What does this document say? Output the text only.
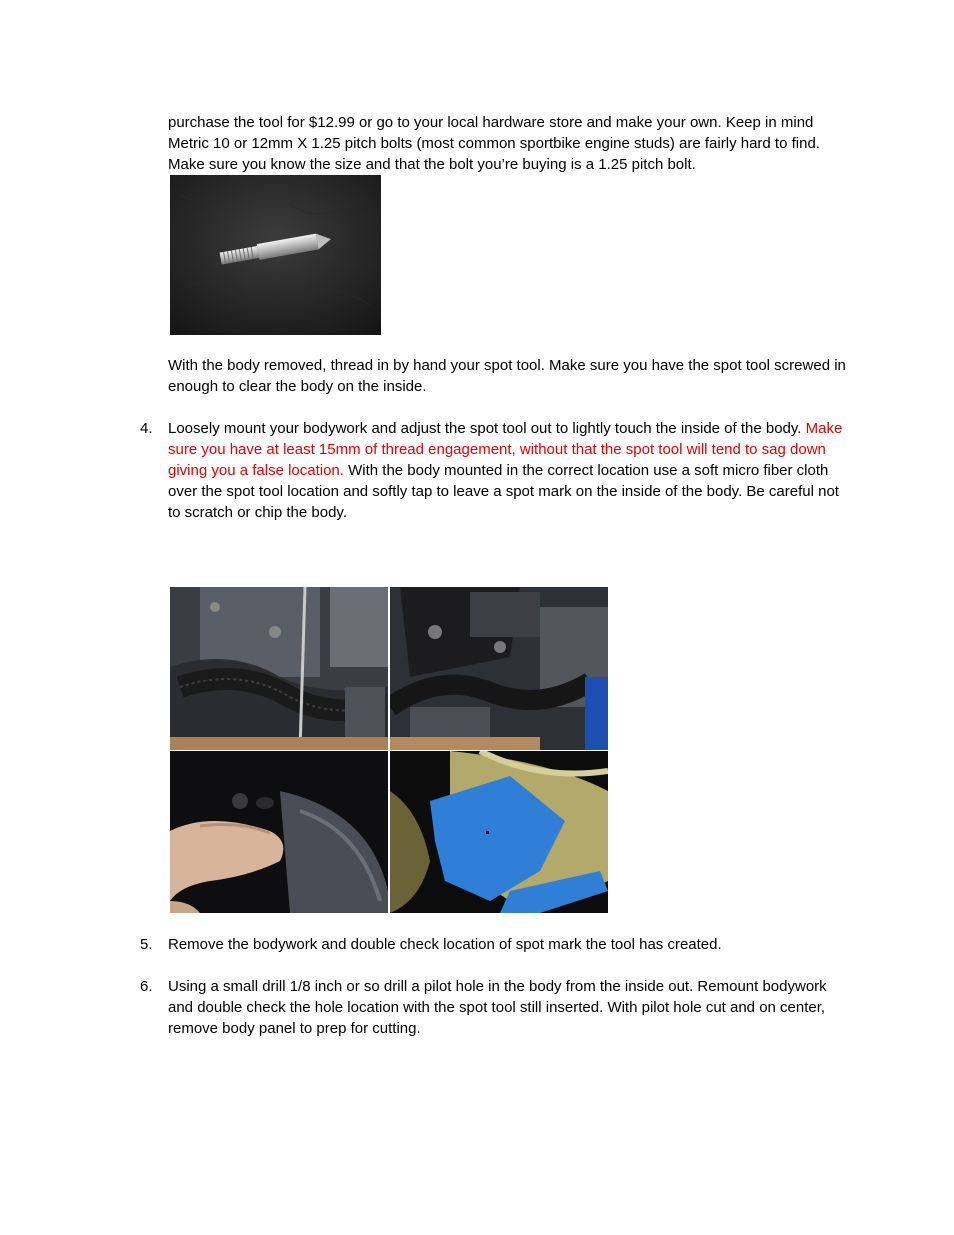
purchase the tool for $12.99 or go to your local hardware store and make your own. Keep in mind Metric 10 or 12mm X 1.25 pitch bolts (most common sportbike engine studs) are fairly hard to find. Make sure you know the size and that the bolt you’re buying is a 1.25 pitch bolt.

With the body removed, thread in by hand your spot tool. Make sure you have the spot tool screwed in enough to clear the body on the inside.

4.	Loosely mount your bodywork and adjust the spot tool out to lightly touch the inside of the body. Make sure you have at least 15mm of thread engagement, without that the spot tool will tend to sag down giving you a false location. With the body mounted in the correct location use a soft micro fiber cloth over the spot tool location and softly tap to leave a spot mark on the inside of the body. Be careful not to scratch or chip the body.

5.	Remove the bodywork and double check location of spot mark the tool has created.

6.	Using a small drill 1/8 inch or so drill a pilot hole in the body from the inside out. Remount bodywork and double check the hole location with the spot tool still inserted. With pilot hole cut and on center, remove body panel to prep for cutting.
